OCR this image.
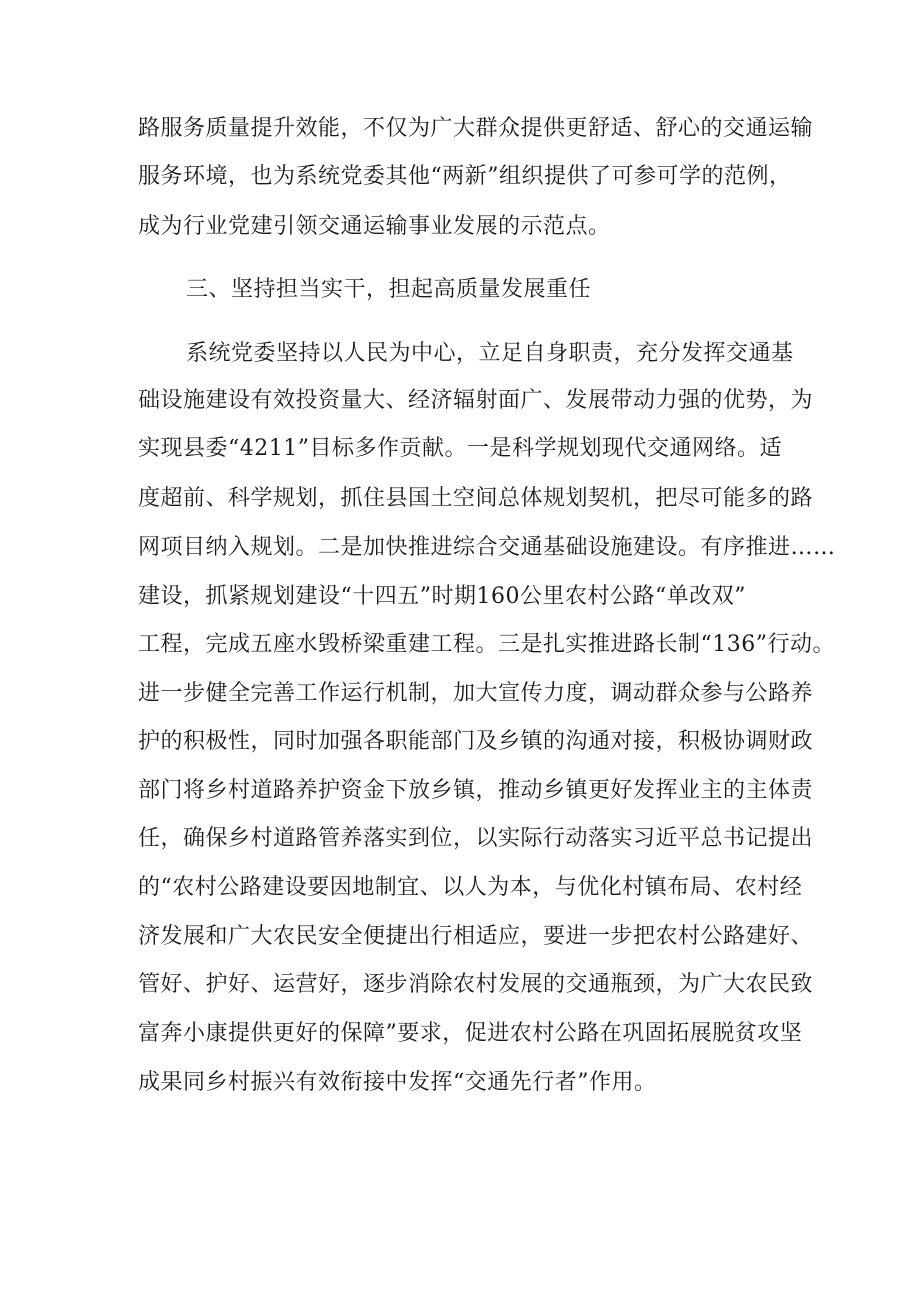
路服务质量提升效能，不仅为广大群众提供更舒适、舒心的交通运输
服务环境，也为系统党委其他“两新”组织提供了可参可学的范例，
成为行业党建引领交通运输事业发展的示范点。
三、坚持担当实干，担起高质量发展重任
系统党委坚持以人民为中心，立足自身职责，充分发挥交通基
础设施建设有效投资量大、经济辐射面广、发展带动力强的优势，为
实现县委“4211”目标多作贡献。一是科学规划现代交通网络。适
度超前、科学规划，抓住县国土空间总体规划契机，把尽可能多的路
网项目纳入规划。二是加快推进综合交通基础设施建设。有序推进……
建设，抓紧规划建设“十四五”时期160公里农村公路“单改双”
工程，完成五座水毁桥梁重建工程。三是扎实推进路长制“136”行动。
进一步健全完善工作运行机制，加大宣传力度，调动群众参与公路养
护的积极性，同时加强各职能部门及乡镇的沟通对接，积极协调财政
部门将乡村道路养护资金下放乡镇，推动乡镇更好发挥业主的主体责
任，确保乡村道路管养落实到位，以实际行动落实习近平总书记提出
的“农村公路建设要因地制宜、以人为本，与优化村镇布局、农村经
济发展和广大农民安全便捷出行相适应，要进一步把农村公路建好、
管好、护好、运营好，逐步消除农村发展的交通瓶颈，为广大农民致
富奔小康提供更好的保障”要求，促进农村公路在巩固拓展脱贫攻坚
成果同乡村振兴有效衔接中发挥“交通先行者”作用。
